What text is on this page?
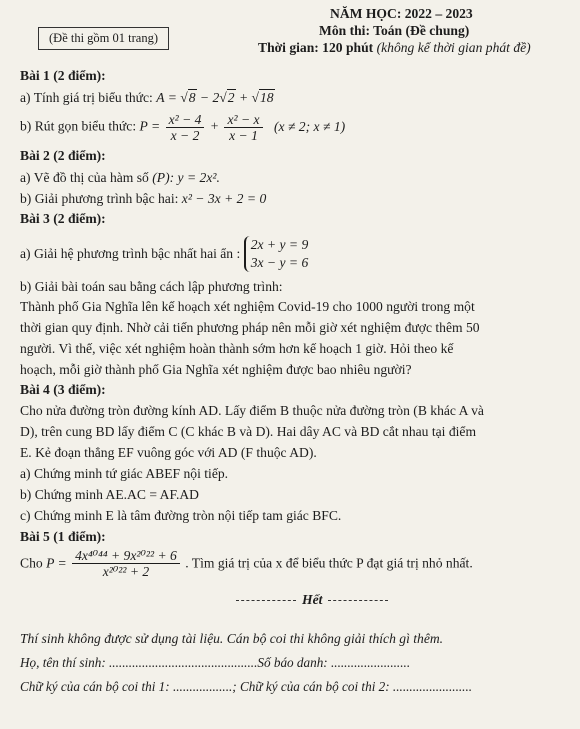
NĂM HỌC: 2022 – 2023
(Đề thi gồm 01 trang)	Môn thi: Toán (Đề chung)
Thời gian: 120 phút (không kể thời gian phát đề)
Bài 1 (2 điểm):
a) Tính giá trị biểu thức: A = √8 − 2√2 + √18
b) Rút gọn biểu thức: $P = \frac{\text{x² − 4}}{x - 2} + \frac{\text{x² − x}}{x - 1} (x \ne 2$; x ≠ 1)
Bài 2 (2 điểm):
a) Vẽ đồ thị của hàm số (P): y = 2x².
b) Giải phương trình bậc hai: x² − 3x + 2 = 0
Bài 3 (2 điểm):
a) Giải hệ phương trình bậc nhất hai ẩn :
2x + y = 9
3x − y = 6
b) Giải bài toán sau bằng cách lập phương trình:
Thành phố Gia Nghĩa lên kế hoạch xét nghiệm Covid-19 cho 1000 người trong một
thời gian quy định. Nhờ cải tiến phương pháp nên mỗi giờ xét nghiệm được thêm 50
người. Vì thế, việc xét nghiệm hoàn thành sớm hơn kế hoạch 1 giờ. Hỏi theo kế
hoạch, mỗi giờ thành phố Gia Nghĩa xét nghiệm được bao nhiêu người?
Bài 4 (3 điểm):
Cho nửa đường tròn đường kính AD. Lấy điểm B thuộc nửa đường tròn (B khác A và
D), trên cung BD lấy điểm C (C khác B và D). Hai dây AC và BD cắt nhau tại điểm
E. Kẻ đoạn thẳng EF vuông góc với AD (F thuộc AD).
a) Chứng minh tứ giác ABEF nội tiếp.
b) Chứng minh AE.AC = AF.AD
c) Chứng minh E là tâm đường tròn nội tiếp tam giác BFC.
Bài 5 (1 điểm):
Cho $P = \frac{\text{4x⁴⁰⁴⁴ + 9x²⁰²² + 6}}{\text{x²⁰²² + 2}}$ . Tìm giá trị của x để biểu thức P đạt giá trị nhỏ nhất.
Hết
Thí sinh không được sử dụng tài liệu. Cán bộ coi thi không giải thích gì thêm.
Họ, tên thí sinh: .............................................Số báo danh: ........................
Chữ ký của cán bộ coi thi 1: ..................; Chữ ký của cán bộ coi thi 2: ........................
